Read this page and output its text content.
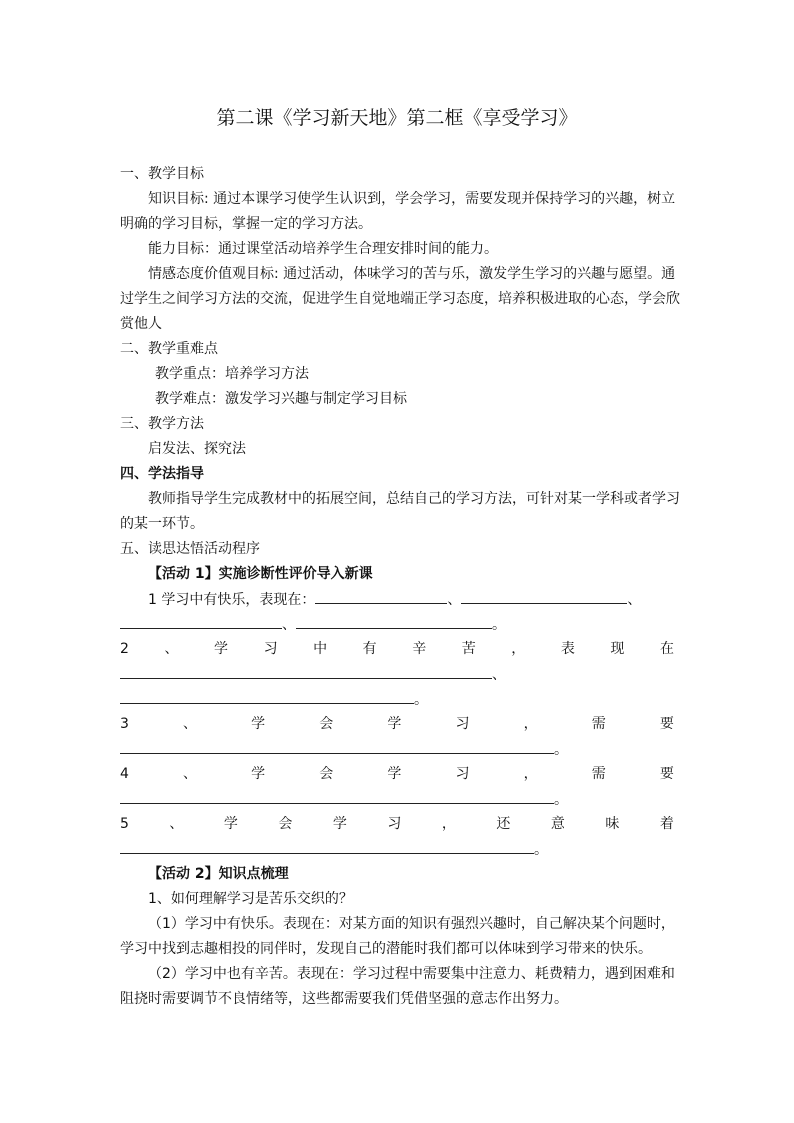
第二课《学习新天地》第二框《享受学习》
一、教学目标
知识目标: 通过本课学习使学生认识到，学会学习，需要发现并保持学习的兴趣，树立
明确的学习目标，掌握一定的学习方法。
能力目标：通过课堂活动培养学生合理安排时间的能力。
情感态度价值观目标: 通过活动，体味学习的苦与乐，激发学生学习的兴趣与愿望。通
过学生之间学习方法的交流，促进学生自觉地端正学习态度，培养积极进取的心态，学会欣
赏他人
二、教学重难点
教学重点：培养学习方法
教学难点：激发学习兴趣与制定学习目标
三、教学方法
启发法、探究法
四、学法指导
教师指导学生完成教材中的拓展空间，总结自己的学习方法，可针对某一学科或者学习
的某一环节。
五、读思达悟活动程序
【活动 1】实施诊断性评价导入新课
1 学习中有快乐，表现在：	、	、
、	。
2	、	学	习	中	有	辛	苦	，	表	现	在
、
。
3	、	学	会	学	习	，	需	要
。
4	、	学	会	学	习	，	需	要
。
5	、	学	会	学	习	，	还	意	味	着
。
【活动 2】知识点梳理
1、如何理解学习是苦乐交织的？
（1）学习中有快乐。表现在：对某方面的知识有强烈兴趣时，自己解决某个问题时，
学习中找到志趣相投的同伴时，发现自己的潜能时我们都可以体味到学习带来的快乐。
（2）学习中也有辛苦。表现在：学习过程中需要集中注意力、耗费精力，遇到困难和
阻挠时需要调节不良情绪等，这些都需要我们凭借坚强的意志作出努力。
